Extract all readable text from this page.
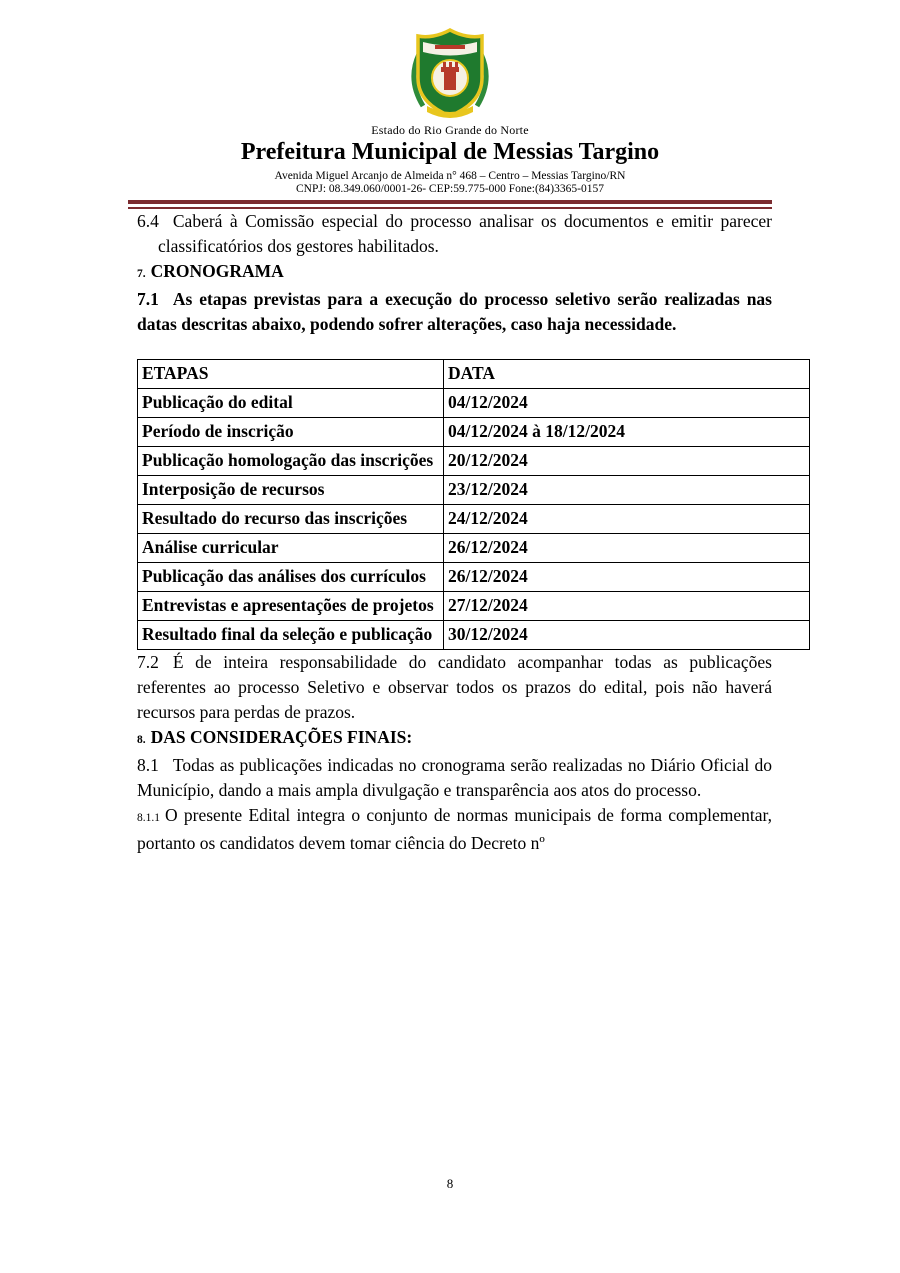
Estado do Rio Grande do Norte
Prefeitura Municipal de Messias Targino
Avenida Miguel Arcanjo de Almeida n° 468 – Centro – Messias Targino/RN
CNPJ: 08.349.060/0001-26- CEP:59.775-000 Fone:(84)3365-0157

6.4 Caberá à Comissão especial do processo analisar os documentos e emitir parecer classificatórios dos gestores habilitados.

7. CRONOGRAMA

7.1 As etapas previstas para a execução do processo seletivo serão realizadas nas datas descritas abaixo, podendo sofrer alterações, caso haja necessidade.

ETAPAS	DATA
Publicação do edital	04/12/2024
Período de inscrição	04/12/2024 à 18/12/2024
Publicação homologação das inscrições	20/12/2024
Interposição de recursos	23/12/2024
Resultado do recurso das inscrições	24/12/2024
Análise curricular	26/12/2024
Publicação das análises dos currículos	26/12/2024
Entrevistas e apresentações de projetos	27/12/2024
Resultado final da seleção e publicação	30/12/2024

7.2 É de inteira responsabilidade do candidato acompanhar todas as publicações referentes ao processo Seletivo e observar todos os prazos do edital, pois não haverá recursos para perdas de prazos.

8. DAS CONSIDERAÇÕES FINAIS:

8.1 Todas as publicações indicadas no cronograma serão realizadas no Diário Oficial do Município, dando a mais ampla divulgação e transparência aos atos do processo.

8.1.1 O presente Edital integra o conjunto de normas municipais de forma complementar, portanto os candidatos devem tomar ciência do Decreto nº

8
